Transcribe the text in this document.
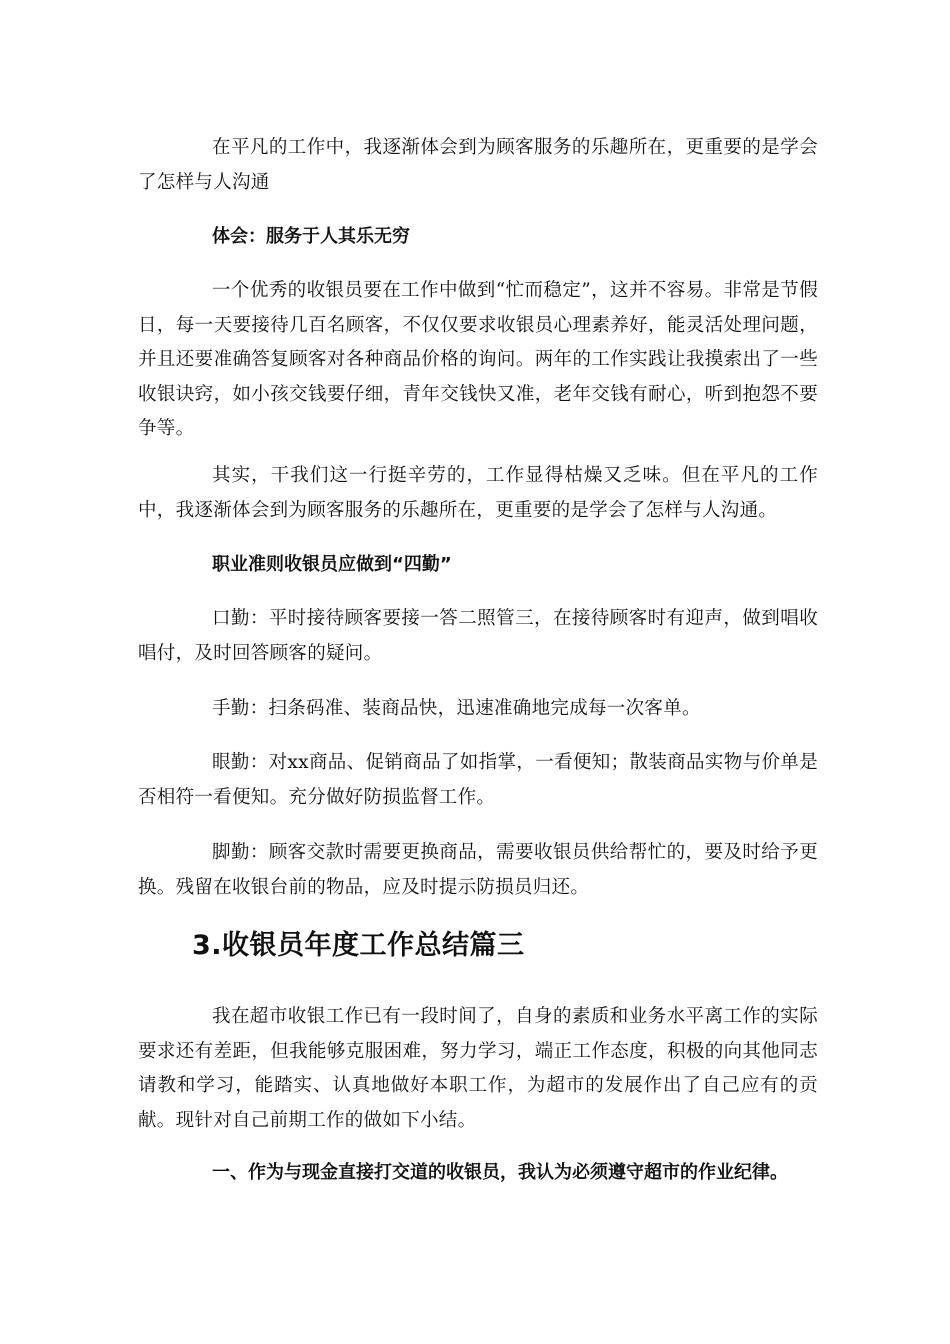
在平凡的工作中，我逐渐体会到为顾客服务的乐趣所在，更重要的是学会了怎样与人沟通

体会：服务于人其乐无穷

一个优秀的收银员要在工作中做到“忙而稳定”，这并不容易。非常是节假日，每一天要接待几百名顾客，不仅仅要求收银员心理素养好，能灵活处理问题，并且还要准确答复顾客对各种商品价格的询问。两年的工作实践让我摸索出了一些收银诀窍，如小孩交钱要仔细，青年交钱快又准，老年交钱有耐心，听到抱怨不要争等。

其实，干我们这一行挺辛劳的，工作显得枯燥又乏味。但在平凡的工作中，我逐渐体会到为顾客服务的乐趣所在，更重要的是学会了怎样与人沟通。

职业准则收银员应做到“四勤”

口勤：平时接待顾客要接一答二照管三，在接待顾客时有迎声，做到唱收唱付，及时回答顾客的疑问。

手勤：扫条码准、装商品快，迅速准确地完成每一次客单。

眼勤：对xx商品、促销商品了如指掌，一看便知；散装商品实物与价单是否相符一看便知。充分做好防损监督工作。

脚勤：顾客交款时需要更换商品，需要收银员供给帮忙的，要及时给予更换。残留在收银台前的物品，应及时提示防损员归还。

3.收银员年度工作总结篇三

我在超市收银工作已有一段时间了，自身的素质和业务水平离工作的实际要求还有差距，但我能够克服困难，努力学习，端正工作态度，积极的向其他同志请教和学习，能踏实、认真地做好本职工作，为超市的发展作出了自己应有的贡献。现针对自己前期工作的做如下小结。

一、作为与现金直接打交道的收银员，我认为必须遵守超市的作业纪律。
